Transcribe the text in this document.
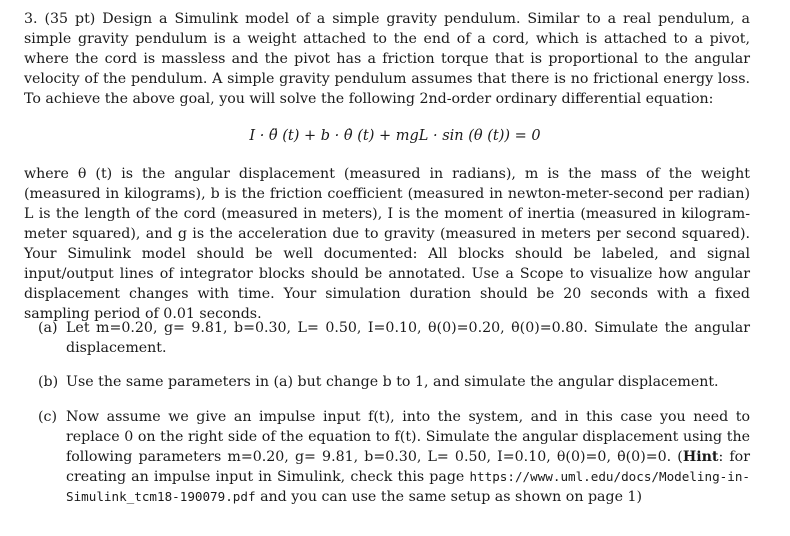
3. (35 pt) Design a Simulink model of a simple gravity pendulum. Similar to a real pendulum, a simple gravity pendulum is a weight attached to the end of a cord, which is attached to a pivot, where the cord is massless and the pivot has a friction torque that is proportional to the angular velocity of the pendulum. A simple gravity pendulum assumes that there is no frictional energy loss. To achieve the above goal, you will solve the following 2nd-order ordinary differential equation:

I · θ̈ (t) + b · θ̇ (t) + mgL · sin (θ (t)) = 0

where θ (t) is the angular displacement (measured in radians), m is the mass of the weight (measured in kilograms), b is the friction coefficient (measured in newton-meter-second per radian) L is the length of the cord (measured in meters), I is the moment of inertia (measured in kilogram-meter squared), and g is the acceleration due to gravity (measured in meters per second squared). Your Simulink model should be well documented: All blocks should be labeled, and signal input/output lines of integrator blocks should be annotated. Use a Scope to visualize how angular displacement changes with time. Your simulation duration should be 20 seconds with a fixed sampling period of 0.01 seconds.

(a) Let m=0.20, g= 9.81, b=0.30, L= 0.50, I=0.10, θ(0)=0.20, θ̇(0)=0.80. Simulate the angular displacement.
(b) Use the same parameters in (a) but change b to 1, and simulate the angular displacement.
(c) Now assume we give an impulse input f(t), into the system, and in this case you need to replace 0 on the right side of the equation to f(t). Simulate the angular displacement using the following parameters m=0.20, g= 9.81, b=0.30, L= 0.50, I=0.10, θ(0)=0, θ̇(0)=0. (Hint: for creating an impulse input in Simulink, check this page https://www.uml.edu/docs/Modeling-in-Simulink_tcm18-190079.pdf and you can use the same setup as shown on page 1)
